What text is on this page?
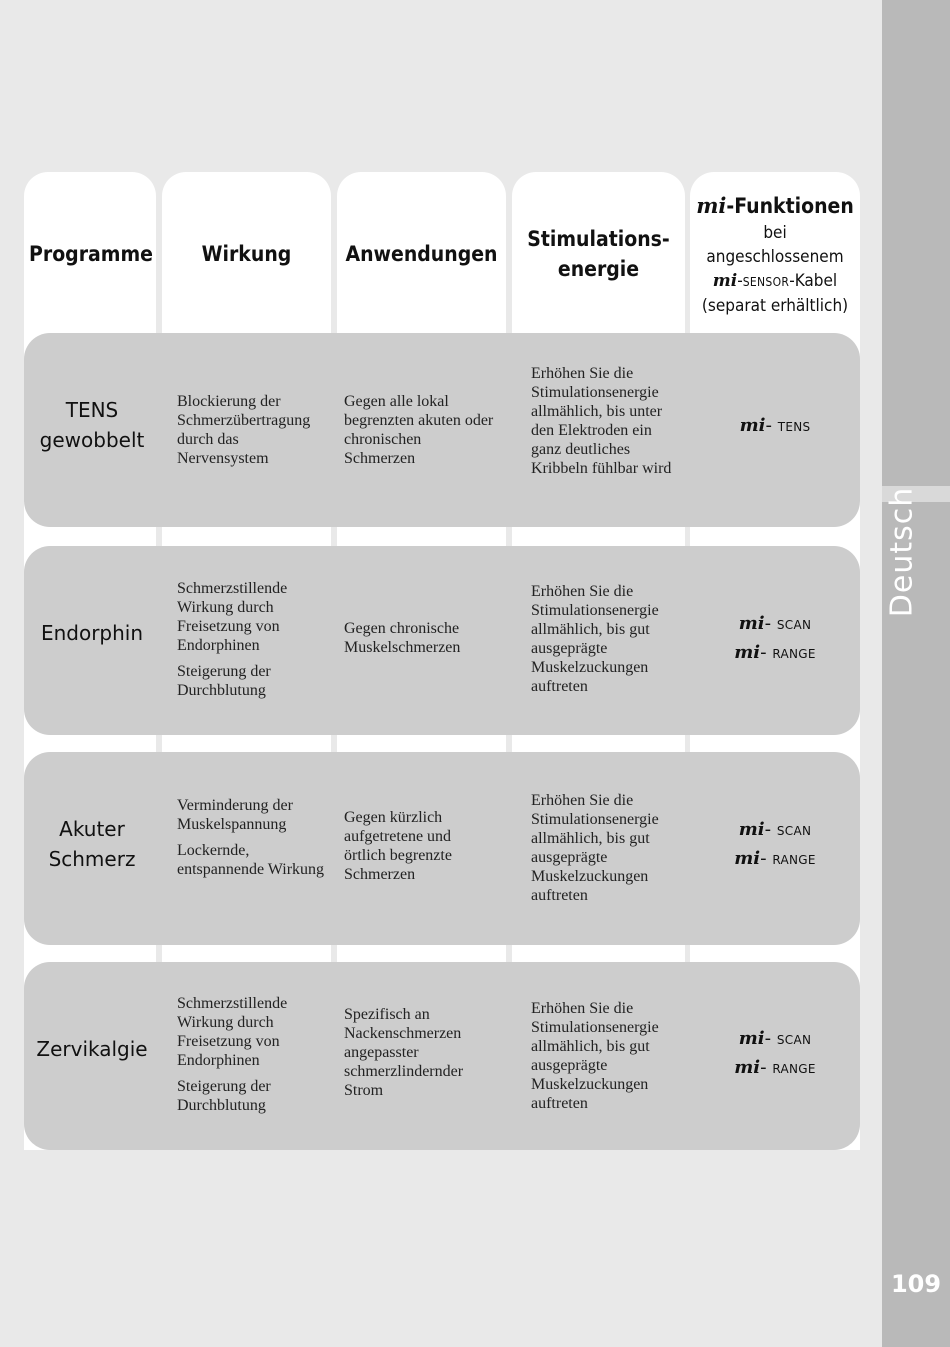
Deutsch
109
Programme Wirkung	Anwendungen
Stimulations-
energie
mi-Funktionen
bei
angeschlossenem
mi-SENSOR-Kabel
(separat erhältlich)
TENS
gewobbelt

Blockierung der Schmerzübertragung durch das Nervensystem

Gegen alle lokal begrenzten akuten oder chronischen Schmerzen
Erhöhen Sie die Stimulationsenergie allmählich, bis unter den Elektroden ein ganz deutliches Kribbeln fühlbar wird
mi- TENS
Endorphin

Schmerzstillende Wirkung durch Freisetzung von Endorphinen

Steigerung der Durchblutung

Gegen chronische Muskelschmerzen
Erhöhen Sie die Stimulationsenergie allmählich, bis gut ausgeprägte Muskelzuckungen auftreten
mi- SCAN
mi- RANGE
Akuter
Schmerz

Verminderung der Muskelspannung

Lockernde, entspannende Wirkung

Gegen kürzlich aufgetretene und örtlich begrenzte Schmerzen
Erhöhen Sie die Stimulationsenergie allmählich, bis gut ausgeprägte Muskelzuckungen auftreten
mi- SCAN
mi- RANGE
Zervikalgie

Schmerzstillende Wirkung durch Freisetzung von Endorphinen

Steigerung der Durchblutung

Spezifisch an Nackenschmerzen angepasster schmerzlindernder Strom
Erhöhen Sie die Stimulationsenergie allmählich, bis gut ausgeprägte Muskelzuckungen auftreten
mi- SCAN
mi- RANGE
